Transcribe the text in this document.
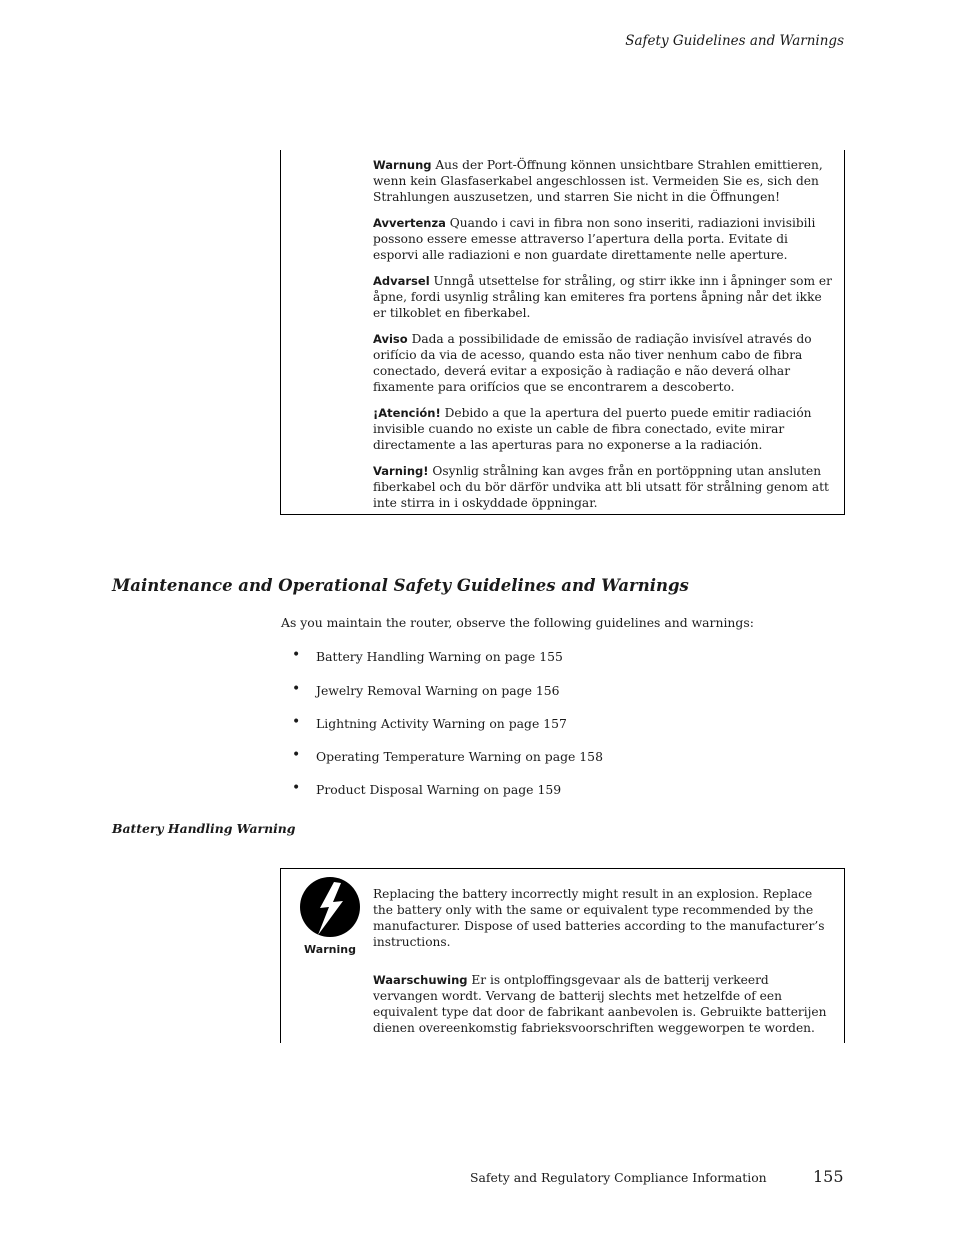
Safety Guidelines and Warnings

Warnung Aus der Port-Öffnung können unsichtbare Strahlen emittieren, wenn kein Glasfaserkabel angeschlossen ist. Vermeiden Sie es, sich den Strahlungen auszusetzen, und starren Sie nicht in die Öffnungen!

Avvertenza Quando i cavi in fibra non sono inseriti, radiazioni invisibili possono essere emesse attraverso l’apertura della porta. Evitate di esporvi alle radiazioni e non guardate direttamente nelle aperture.

Advarsel Unngå utsettelse for stråling, og stirr ikke inn i åpninger som er åpne, fordi usynlig stråling kan emiteres fra portens åpning når det ikke er tilkoblet en fiberkabel.

Aviso Dada a possibilidade de emissão de radiação invisível através do orifício da via de acesso, quando esta não tiver nenhum cabo de fibra conectado, deverá evitar a exposição à radiação e não deverá olhar fixamente para orifícios que se encontrarem a descoberto.

¡Atención! Debido a que la apertura del puerto puede emitir radiación invisible cuando no existe un cable de fibra conectado, evite mirar directamente a las aperturas para no exponerse a la radiación.

Varning! Osynlig strålning kan avges från en portöppning utan ansluten fiberkabel och du bör därför undvika att bli utsatt för strålning genom att inte stirra in i oskyddade öppningar.

Maintenance and Operational Safety Guidelines and Warnings
As you maintain the router, observe the following guidelines and warnings:
• Battery Handling Warning on page 155
• Jewelry Removal Warning on page 156
• Lightning Activity Warning on page 157
• Operating Temperature Warning on page 158
• Product Disposal Warning on page 159
Battery Handling Warning
Warning

Replacing the battery incorrectly might result in an explosion. Replace the battery only with the same or equivalent type recommended by the manufacturer. Dispose of used batteries according to the manufacturer’s instructions.

Waarschuwing Er is ontploffingsgevaar als de batterij verkeerd vervangen wordt. Vervang de batterij slechts met hetzelfde of een equivalent type dat door de fabrikant aanbevolen is. Gebruikte batterijen dienen overeenkomstig fabrieksvoorschriften weggeworpen te worden.

Safety and Regulatory Compliance Information	155
